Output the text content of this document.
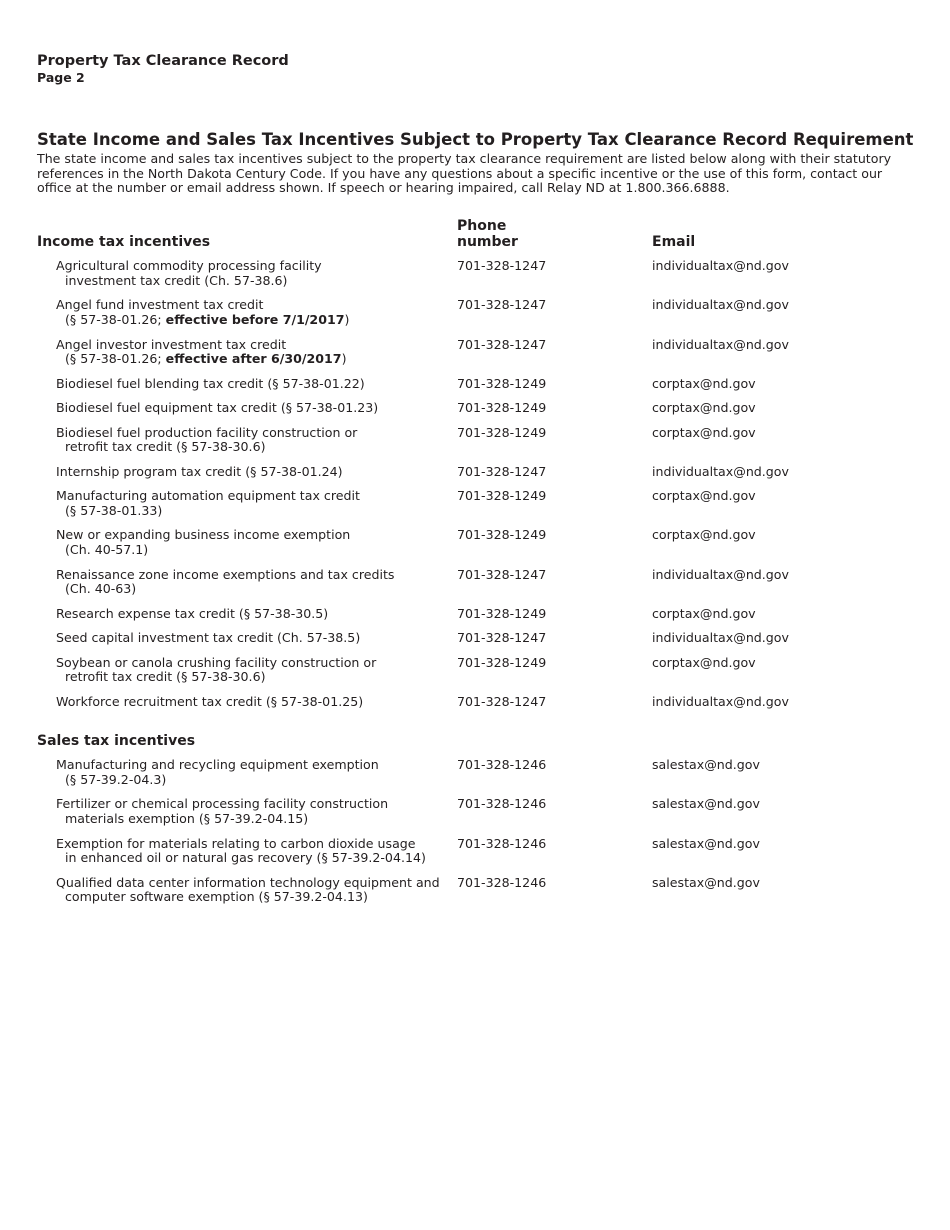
Property Tax Clearance Record
Page 2
State Income and Sales Tax Incentives Subject to Property Tax Clearance Record Requirement
The state income and sales tax incentives subject to the property tax clearance requirement are listed below along with their statutory
references in the North Dakota Century Code. If you have any questions about a specific incentive or the use of this form, contact our
office at the number or email address shown. If speech or hearing impaired, call Relay ND at 1.800.366.6888.
Income tax incentives
Phone
number	Email
Agricultural commodity processing facility
investment tax credit (Ch. 57-38.6)
701-328-1247	individualtax@nd.gov
Angel fund investment tax credit
(§ 57-38-01.26; effective before 7/1/2017)
701-328-1247	individualtax@nd.gov
Angel investor investment tax credit
(§ 57-38-01.26; effective after 6/30/2017)
701-328-1247	individualtax@nd.gov
Biodiesel fuel blending tax credit (§ 57-38-01.22)	701-328-1249	corptax@nd.gov
Biodiesel fuel equipment tax credit (§ 57-38-01.23)	701-328-1249	corptax@nd.gov
Biodiesel fuel production facility construction or
retrofit tax credit (§ 57-38-30.6)
701-328-1249	corptax@nd.gov
Internship program tax credit (§ 57-38-01.24)	701-328-1247	individualtax@nd.gov
Manufacturing automation equipment tax credit
(§ 57-38-01.33)
701-328-1249	corptax@nd.gov
New or expanding business income exemption
(Ch. 40-57.1)
701-328-1249	corptax@nd.gov
Renaissance zone income exemptions and tax credits
(Ch. 40-63)
701-328-1247	individualtax@nd.gov
Research expense tax credit (§ 57-38-30.5)	701-328-1249	corptax@nd.gov
Seed capital investment tax credit (Ch. 57-38.5)	701-328-1247	individualtax@nd.gov
Soybean or canola crushing facility construction or
retrofit tax credit (§ 57-38-30.6)
701-328-1249	corptax@nd.gov
Workforce recruitment tax credit (§ 57-38-01.25)	701-328-1247	individualtax@nd.gov
Sales tax incentives
Manufacturing and recycling equipment exemption
(§ 57-39.2-04.3)
701-328-1246	salestax@nd.gov
Fertilizer or chemical processing facility construction
materials exemption (§ 57-39.2-04.15)
701-328-1246	salestax@nd.gov
Exemption for materials relating to carbon dioxide usage
in enhanced oil or natural gas recovery (§ 57-39.2-04.14)
701-328-1246	salestax@nd.gov
Qualified data center information technology equipment and
computer software exemption (§ 57-39.2-04.13)
701-328-1246	salestax@nd.gov
